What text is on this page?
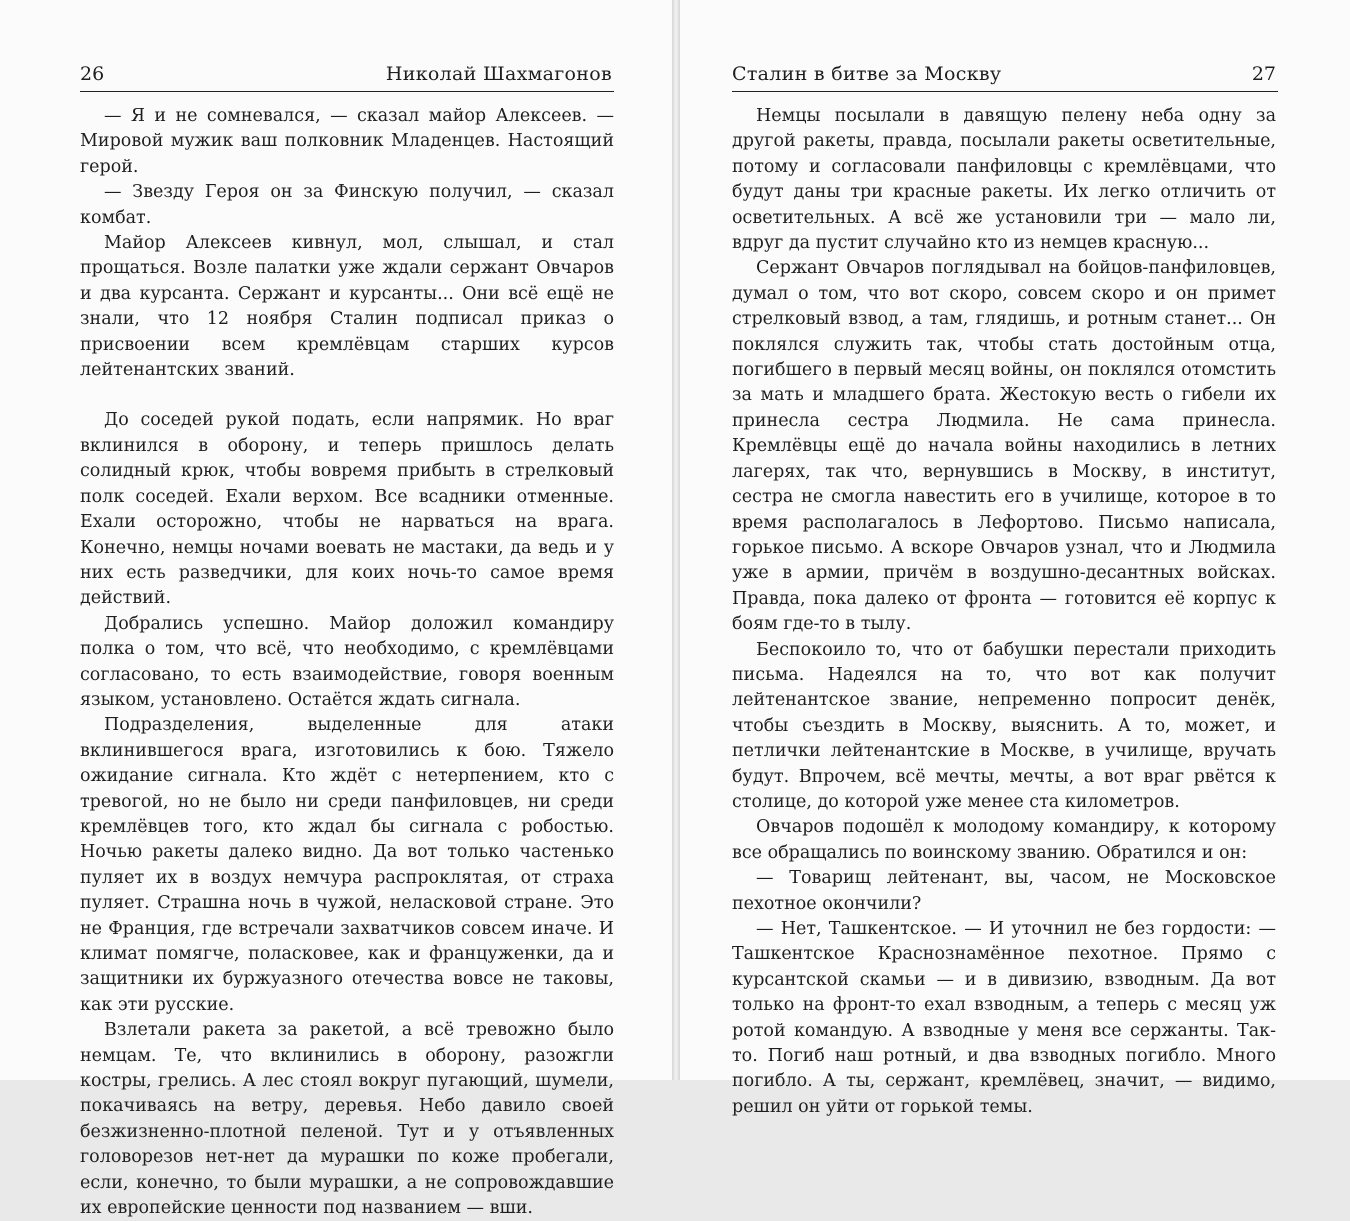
26	Николай Шахмагонов

— Я и не сомневался, — сказал майор Алексеев. — Мировой мужик ваш полковник Младенцев. Настоящий герой.

— Звезду Героя он за Финскую получил, — сказал комбат.

Майор Алексеев кивнул, мол, слышал, и стал прощаться. Возле палатки уже ждали сержант Овчаров и два курсанта. Сержант и курсанты... Они всё ещё не знали, что 12 ноября Сталин подписал приказ о присвоении всем кремлёвцам старших курсов лейтенантских званий.

До соседей рукой подать, если напрямик. Но враг вклинился в оборону, и теперь пришлось делать солидный крюк, чтобы вовремя прибыть в стрелковый полк соседей. Ехали верхом. Все всадники отменные. Ехали осторожно, чтобы не нарваться на врага. Конечно, немцы ночами воевать не мастаки, да ведь и у них есть разведчики, для коих ночь-то самое время действий.

Добрались успешно. Майор доложил командиру полка о том, что всё, что необходимо, с кремлёвцами согласовано, то есть взаимодействие, говоря военным языком, установлено. Остаётся ждать сигнала.

Подразделения, выделенные для атаки вклинившегося врага, изготовились к бою. Тяжело ожидание сигнала. Кто ждёт с нетерпением, кто с тревогой, но не было ни среди панфиловцев, ни среди кремлёвцев того, кто ждал бы сигнала с робостью. Ночью ракеты далеко видно. Да вот только частенько пуляет их в воздух немчура распроклятая, от страха пуляет. Страшна ночь в чужой, неласковой стране. Это не Франция, где встречали захватчиков совсем иначе. И климат помягче, поласковее, как и француженки, да и защитники их буржуазного отечества вовсе не таковы, как эти русские.

Взлетали ракета за ракетой, а всё тревожно было немцам. Те, что вклинились в оборону, разожгли костры, грелись. А лес стоял вокруг пугающий, шумели, покачиваясь на ветру, деревья. Небо давило своей безжизненно-плотной пеленой. Тут и у отъявленных головорезов нет-нет да мурашки по коже пробегали, если, конечно, то были мурашки, а не сопровождавшие их европейские ценности под названием — вши.

Сталин в битве за Москву	27

Немцы посылали в давящую пелену неба одну за другой ракеты, правда, посылали ракеты осветительные, потому и согласовали панфиловцы с кремлёвцами, что будут даны три красные ракеты. Их легко отличить от осветительных. А всё же установили три — мало ли, вдруг да пустит случайно кто из немцев красную...

Сержант Овчаров поглядывал на бойцов-панфиловцев, думал о том, что вот скоро, совсем скоро и он примет стрелковый взвод, а там, глядишь, и ротным станет... Он поклялся служить так, чтобы стать достойным отца, погибшего в первый месяц войны, он поклялся отомстить за мать и младшего брата. Жестокую весть о гибели их принесла сестра Людмила. Не сама принесла. Кремлёвцы ещё до начала войны находились в летних лагерях, так что, вернувшись в Москву, в институт, сестра не смогла навестить его в училище, которое в то время располагалось в Лефортово. Письмо написала, горькое письмо. А вскоре Овчаров узнал, что и Людмила уже в армии, причём в воздушно-десантных войсках. Правда, пока далеко от фронта — готовится её корпус к боям где-то в тылу.

Беспокоило то, что от бабушки перестали приходить письма. Надеялся на то, что вот как получит лейтенантское звание, непременно попросит денёк, чтобы съездить в Москву, выяснить. А то, может, и петлички лейтенантские в Москве, в училище, вручать будут. Впрочем, всё мечты, мечты, а вот враг рвётся к столице, до которой уже менее ста километров.

Овчаров подошёл к молодому командиру, к которому все обращались по воинскому званию. Обратился и он:

— Товарищ лейтенант, вы, часом, не Московское пехотное окончили?

— Нет, Ташкентское. — И уточнил не без гордости: — Ташкентское Краснознамённое пехотное. Прямо с курсантской скамьи — и в дивизию, взводным. Да вот только на фронт-то ехал взводным, а теперь с месяц уж ротой командую. А взводные у меня все сержанты. Так-то. Погиб наш ротный, и два взводных погибло. Много погибло. А ты, сержант, кремлёвец, значит, — видимо, решил он уйти от горькой темы.
